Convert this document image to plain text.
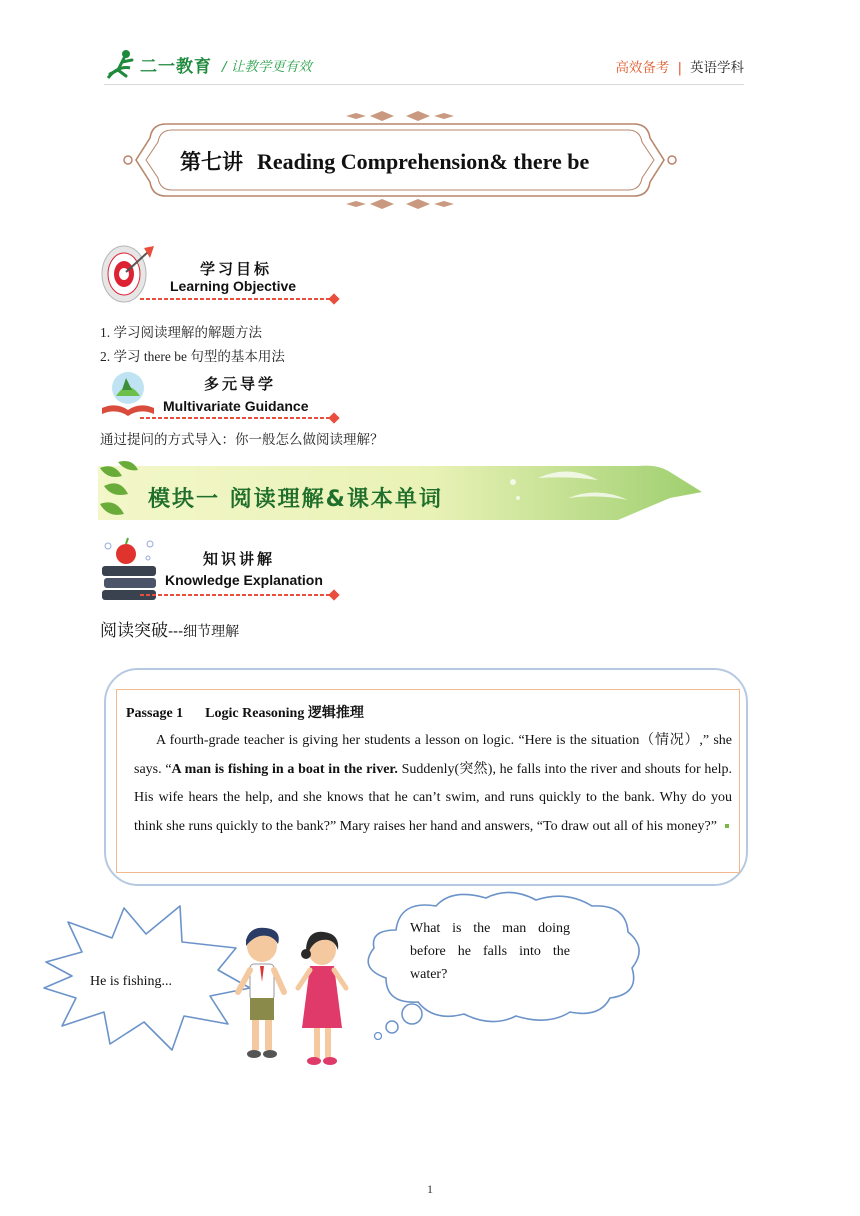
二一教育 / 让教学更有效	高效备考 | 英语学科
第七讲 Reading Comprehension& there be
学习目标
Learning Objective
1. 学习阅读理解的解题方法
2. 学习 there be 句型的基本用法
多元导学
Multivariate Guidance
通过提问的方式导入：你一般怎么做阅读理解？
模块一 阅读理解&课本单词
知识讲解
Knowledge Explanation
阅读突破---细节理解
Passage 1 Logic Reasoning 逻辑推理
A fourth-grade teacher is giving her students a lesson on logic. “Here is the situation（情况）,” she says. “A man is fishing in a boat in the river. Suddenly(突然), he falls into the river and shouts for help. His wife hears the help, and she knows that he can’t swim, and runs quickly to the bank. Why do you think she runs quickly to the bank?” Mary raises her hand and answers, “To draw out all of his money?”
He is fishing...
What is the man doing before he falls into the water?
1
